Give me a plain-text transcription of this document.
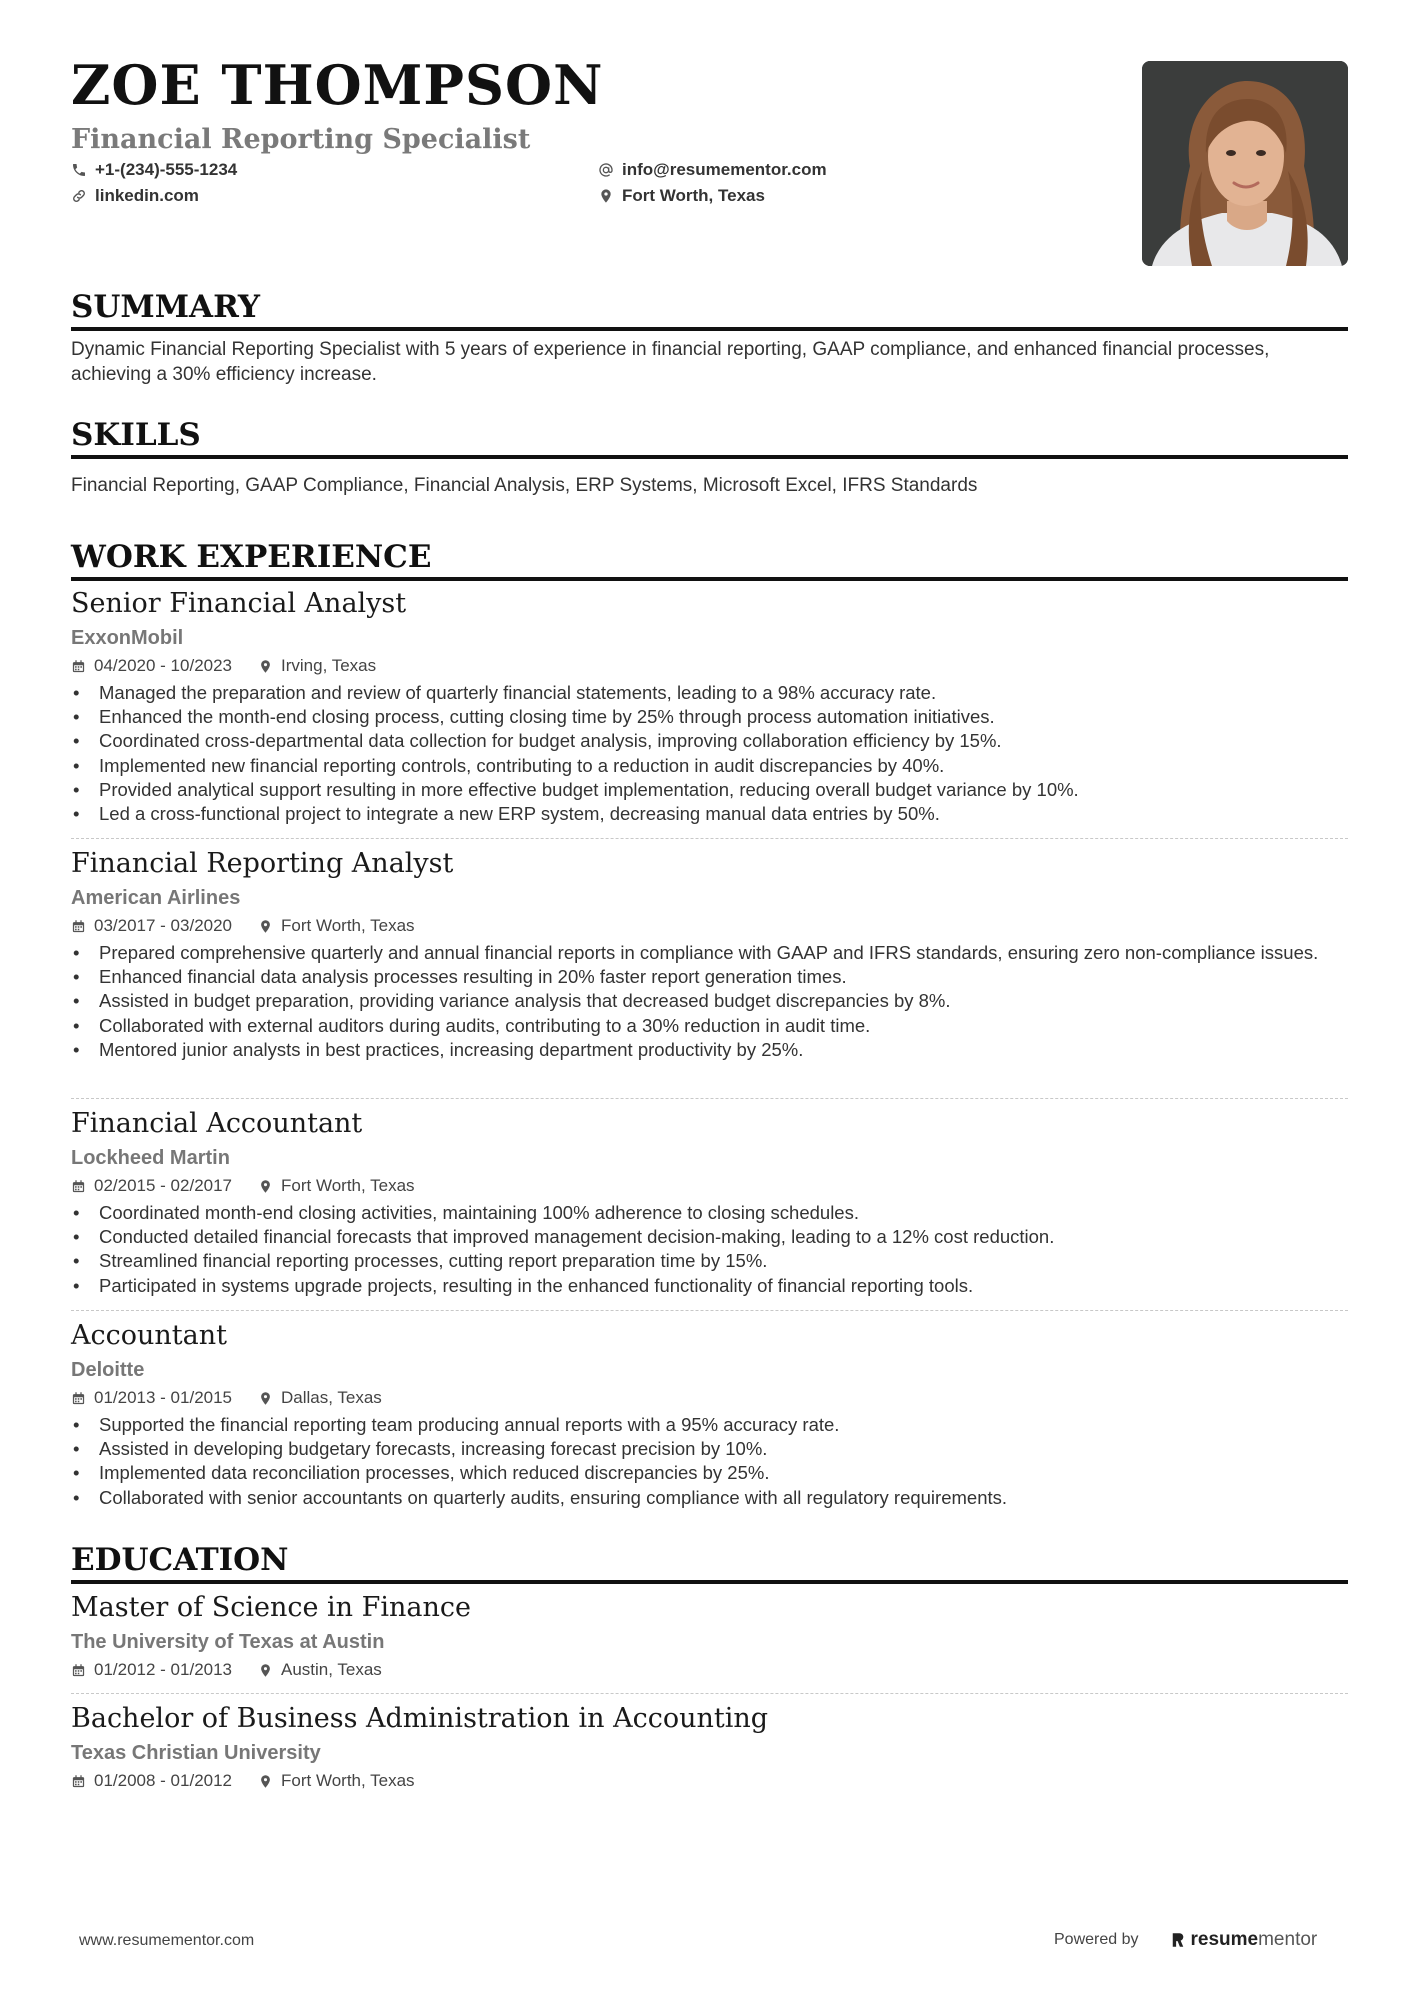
ZOE THOMPSON
Financial Reporting Specialist
+1-(234)-555-1234
linkedin.com
info@resumementor.com
Fort Worth, Texas
SUMMARY
Dynamic Financial Reporting Specialist with 5 years of experience in financial reporting, GAAP compliance, and enhanced financial processes, achieving a 30% efficiency increase.
SKILLS
Financial Reporting, GAAP Compliance, Financial Analysis, ERP Systems, Microsoft Excel, IFRS Standards
WORK EXPERIENCE
Senior Financial Analyst
ExxonMobil
04/2020 - 10/2023	Irving, Texas
• Managed the preparation and review of quarterly financial statements, leading to a 98% accuracy rate.
• Enhanced the month-end closing process, cutting closing time by 25% through process automation initiatives.
• Coordinated cross-departmental data collection for budget analysis, improving collaboration efficiency by 15%.
• Implemented new financial reporting controls, contributing to a reduction in audit discrepancies by 40%.
• Provided analytical support resulting in more effective budget implementation, reducing overall budget variance by 10%.
• Led a cross-functional project to integrate a new ERP system, decreasing manual data entries by 50%.
Financial Reporting Analyst
American Airlines
03/2017 - 03/2020	Fort Worth, Texas
• Prepared comprehensive quarterly and annual financial reports in compliance with GAAP and IFRS standards, ensuring zero non-compliance issues.
• Enhanced financial data analysis processes resulting in 20% faster report generation times.
• Assisted in budget preparation, providing variance analysis that decreased budget discrepancies by 8%.
• Collaborated with external auditors during audits, contributing to a 30% reduction in audit time.
• Mentored junior analysts in best practices, increasing department productivity by 25%.
Financial Accountant
Lockheed Martin
02/2015 - 02/2017	Fort Worth, Texas
• Coordinated month-end closing activities, maintaining 100% adherence to closing schedules.
• Conducted detailed financial forecasts that improved management decision-making, leading to a 12% cost reduction.
• Streamlined financial reporting processes, cutting report preparation time by 15%.
• Participated in systems upgrade projects, resulting in the enhanced functionality of financial reporting tools.
Accountant
Deloitte
01/2013 - 01/2015	Dallas, Texas
• Supported the financial reporting team producing annual reports with a 95% accuracy rate.
• Assisted in developing budgetary forecasts, increasing forecast precision by 10%.
• Implemented data reconciliation processes, which reduced discrepancies by 25%.
• Collaborated with senior accountants on quarterly audits, ensuring compliance with all regulatory requirements.
EDUCATION
Master of Science in Finance
The University of Texas at Austin
01/2012 - 01/2013	Austin, Texas
Bachelor of Business Administration in Accounting
Texas Christian University
01/2008 - 01/2012	Fort Worth, Texas
www.resumementor.com	Powered by	resume mentor
